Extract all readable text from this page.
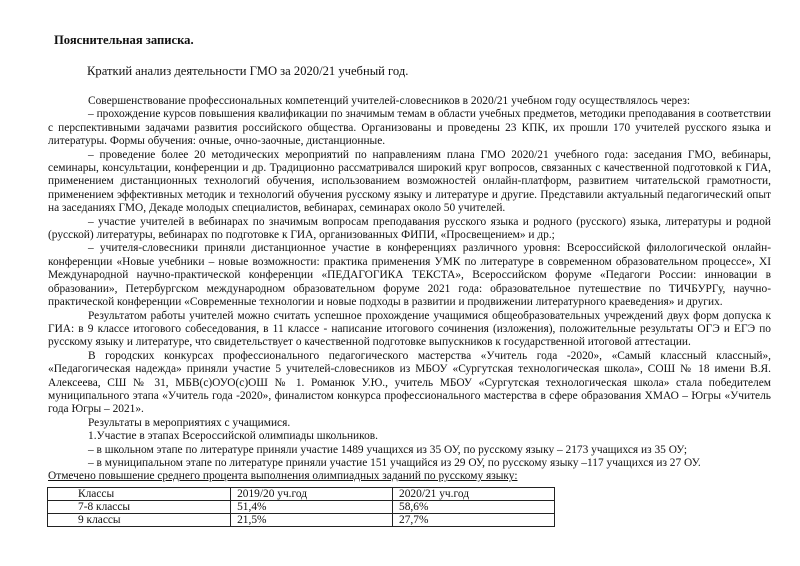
Пояснительная записка.
Краткий анализ деятельности ГМО за 2020/21 учебный год.

Совершенствование профессиональных компетенций учителей-словесников в 2020/21 учебном году осуществлялось через:

– прохождение курсов повышения квалификации по значимым темам в области учебных предметов, методики преподавания в соответствии с перспективными задачами развития российского общества. Организованы и проведены 23 КПК, их прошли 170 учителей русского языка и литературы. Формы обучения: очные, очно-заочные, дистанционные.

– проведение более 20 методических мероприятий по направлениям плана ГМО 2020/21 учебного года: заседания ГМО, вебинары, семинары, консультации, конференции и др. Традиционно рассматривался широкий круг вопросов, связанных с качественной подготовкой к ГИА, применением дистанционных технологий обучения, использованием возможностей онлайн-платформ, развитием читательской грамотности, применением эффективных методик и технологий обучения русскому языку и литературе и другие. Представили актуальный педагогический опыт на заседаниях ГМО, Декаде молодых специалистов, вебинарах, семинарах около 50 учителей.

– участие учителей в вебинарах по значимым вопросам преподавания русского языка и родного (русского) языка, литературы и родной (русской) литературы, вебинарах по подготовке к ГИА, организованных ФИПИ, «Просвещением» и др.;

– учителя-словесники приняли дистанционное участие в конференциях различного уровня: Всероссийской филологической онлайн-конференции «Новые учебники – новые возможности: практика применения УМК по литературе в современном образовательном процессе», XI Международной научно-практической конференции «ПЕДАГОГИКА ТЕКСТА», Всероссийском форуме «Педагоги России: инновации в образовании», Петербургском международном образовательном форуме 2021 года: образовательное путешествие по ТИЧБУРГу, научно-практической конференции «Современные технологии и новые подходы в развитии и продвижении литературного краеведения» и других.

Результатом работы учителей можно считать успешное прохождение учащимися общеобразовательных учреждений двух форм допуска к ГИА: в 9 классе итогового собеседования, в 11 классе - написание итогового сочинения (изложения), положительные результаты ОГЭ и ЕГЭ по русскому языку и литературе, что свидетельствует о качественной подготовке выпускников к государственной итоговой аттестации.

В городских конкурсах профессионального педагогического мастерства «Учитель года -2020», «Самый классный классный», «Педагогическая надежда» приняли участие 5 учителей-словесников из МБОУ «Сургутская технологическая школа», СОШ № 18 имени В.Я. Алексеева, СШ № 31, МБВ(с)ОУО(с)ОШ № 1. Романюк У.Ю., учитель МБОУ «Сургутская технологическая школа» стала победителем муниципального этапа «Учитель года -2020», финалистом конкурса профессионального мастерства в сфере образования ХМАО – Югры «Учитель года Югры – 2021».

Результаты в мероприятиях с учащимися.

1.Участие в этапах Всероссийской олимпиады школьников.

– в школьном этапе по литературе приняли участие 1489 учащихся из 35 ОУ, по русскому языку – 2173 учащихся из 35 ОУ;

– в муниципальном этапе по литературе приняли участие 151 учащийся из 29 ОУ, по русскому языку –117 учащихся из 27 ОУ.

Отмечено повышение среднего процента выполнения олимпиадных заданий по русскому языку:

Классы	2019/20 уч.год	2020/21 уч.год
7-8 классы	51,4%	58,6%
9 классы	21,5%	27,7%
